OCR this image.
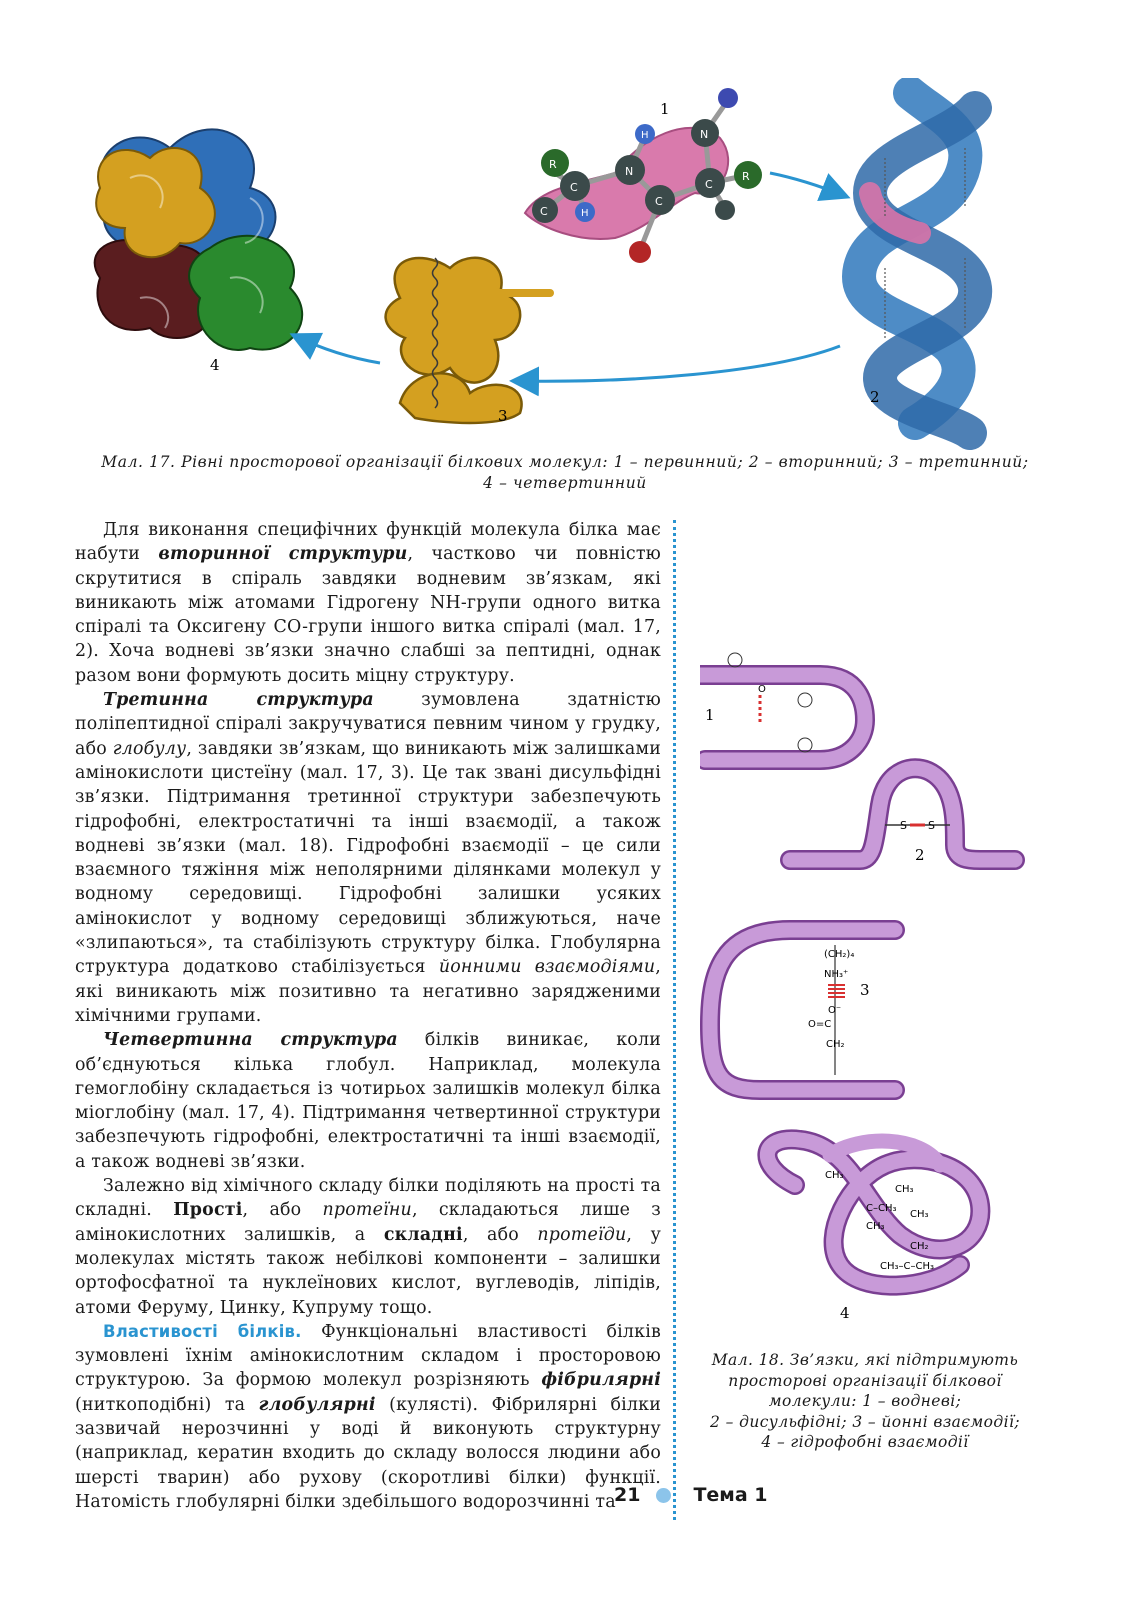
4
3
R
C
C	H
N
H
C
C
N
R
1
2
Мал. 17. Рівні просторової організації білкових молекул: 1 – первинний; 2 – вторинний; 3 – третинний; 4 – четвертинний

Для виконання специфічних функцій молекула білка має набути вторинної структури, частково чи повністю скрутитися в спіраль завдяки водневим зв’язкам, які виникають між атомами Гідрогену NH-групи одного витка спіралі та Оксигену CO-групи іншого витка спіралі (мал. 17, 2). Хоча водневі зв’язки значно слабші за пептидні, однак разом вони формують досить міцну структуру.

Третинна структура зумовлена здатністю поліпептидної спіралі закручуватися певним чином у грудку, або глобулу, завдяки зв’язкам, що виникають між залишками амінокислоти цистеїну (мал. 17, 3). Це так звані дисульфідні зв’язки. Підтримання третинної структури забезпечують гідрофобні, електростатичні та інші взаємодії, а також водневі зв’язки (мал. 18). Гідрофобні взаємодії – це сили взаємного тяжіння між неполярними ділянками молекул у водному середовищі. Гідрофобні залишки усяких амінокислот у водному середовищі зближуються, наче «злипаються», та стабілізують структуру білка. Глобулярна структура додатково стабілізується йонними взаємодіями, які виникають між позитивно та негативно зарядженими хімічними групами.

Четвертинна структура білків виникає, коли об’єднуються кілька глобул. Наприклад, молекула гемоглобіну складається із чотирьох залишків молекул білка міоглобіну (мал. 17, 4). Підтримання четвертинної структури забезпечують гідрофобні, електростатичні та інші взаємодії, а також водневі зв’язки.

Залежно від хімічного складу білки поділяють на прості та складні. Прості, або протеїни, складаються лише з амінокислотних залишків, а складні, або протеїди, у молекулах містять також небілкові компоненти – залишки ортофосфатної та нуклеїнових кислот, вуглеводів, ліпідів, атоми Феруму, Цинку, Купруму тощо.

Властивості білків. Функціональні властивості білків зумовлені їхнім амінокислотним складом і просторовою структурою. За формою молекул розрізняють фібрилярні (ниткоподібні) та глобулярні (кулясті). Фібрилярні білки зазвичай нерозчинні у воді й виконують структурну (наприклад, кератин входить до складу волосся людини або шерсті тварин) або рухову (скоротливі білки) функції. Натомість глобулярні білки здебільшого водорозчинні та

O
1
S S
2
(CH₂)₄
NH₃⁺
O⁻
O=C
CH₂
3
CH₃
CH₃
C–CH₃
CH₃
CH₃
CH₂
CH₃–C–CH₃
4
Мал. 18. Зв’язки, які підтримують
просторові організації білкової
молекули: 1 – водневі;
2 – дисульфідні; 3 – йонні взаємодії;
4 – гідрофобні взаємодії
21	Тема 1
